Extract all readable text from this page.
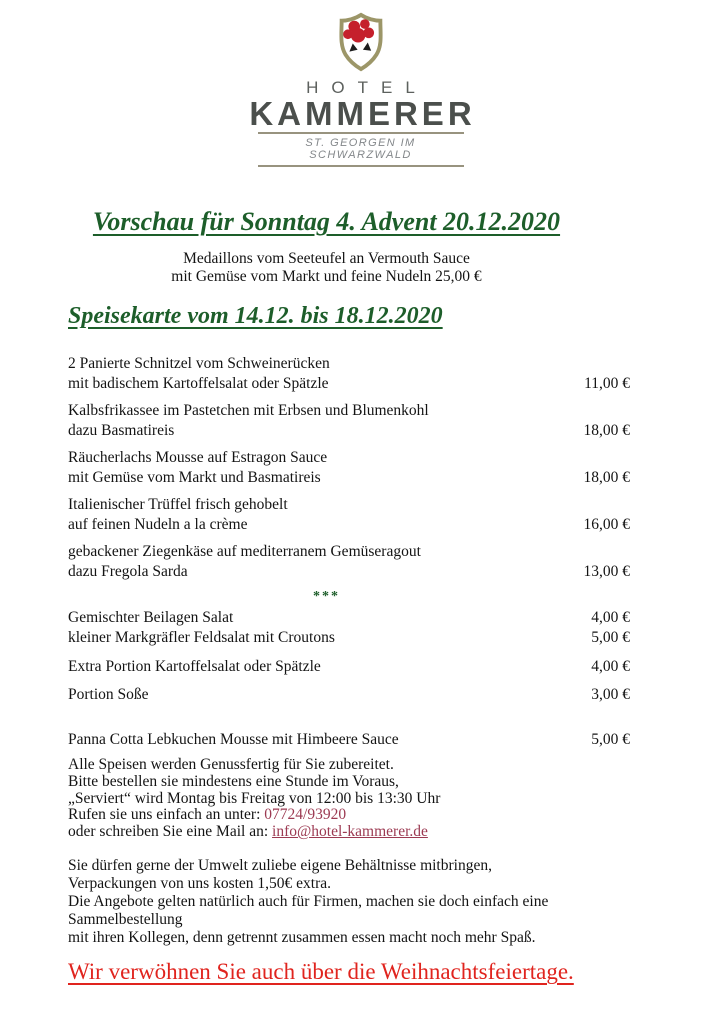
HOTEL
KAMMERER
ST. GEORGEN IM SCHWARZWALD
Vorschau für Sonntag 4. Advent 20.12.2020
Medaillons vom Seeteufel an Vermouth Sauce
mit Gemüse vom Markt und feine Nudeln 25,00 €
Speisekarte vom 14.12. bis 18.12.2020
2 Panierte Schnitzel vom Schweinerücken
mit badischem Kartoffelsalat oder Spätzle	11,00 €
Kalbsfrikassee im Pastetchen mit Erbsen und Blumenkohl
dazu Basmatireis	18,00 €
Räucherlachs Mousse auf Estragon Sauce
mit Gemüse vom Markt und Basmatireis	18,00 €
Italienischer Trüffel frisch gehobelt
auf feinen Nudeln a la crème	16,00 €
gebackener Ziegenkäse auf mediterranem Gemüseragout
dazu Fregola Sarda	13,00 €
***
Gemischter Beilagen Salat	4,00 €
kleiner Markgräfler Feldsalat mit Croutons	5,00 €
Extra Portion Kartoffelsalat oder Spätzle	4,00 €
Portion Soße	3,00 €
Panna Cotta Lebkuchen Mousse mit Himbeere Sauce	5,00 €
Alle Speisen werden Genussfertig für Sie zubereitet.
Bitte bestellen sie mindestens eine Stunde im Voraus,
„Serviert“ wird Montag bis Freitag von 12:00 bis 13:30 Uhr
Rufen sie uns einfach an unter: 07724/93920
oder schreiben Sie eine Mail an: info@hotel-kammerer.de
Sie dürfen gerne der Umwelt zuliebe eigene Behältnisse mitbringen,
Verpackungen von uns kosten 1,50€ extra.
Die Angebote gelten natürlich auch für Firmen, machen sie doch einfach eine Sammelbestellung
mit ihren Kollegen, denn getrennt zusammen essen macht noch mehr Spaß.
Wir verwöhnen Sie auch über die Weihnachtsfeiertage.
